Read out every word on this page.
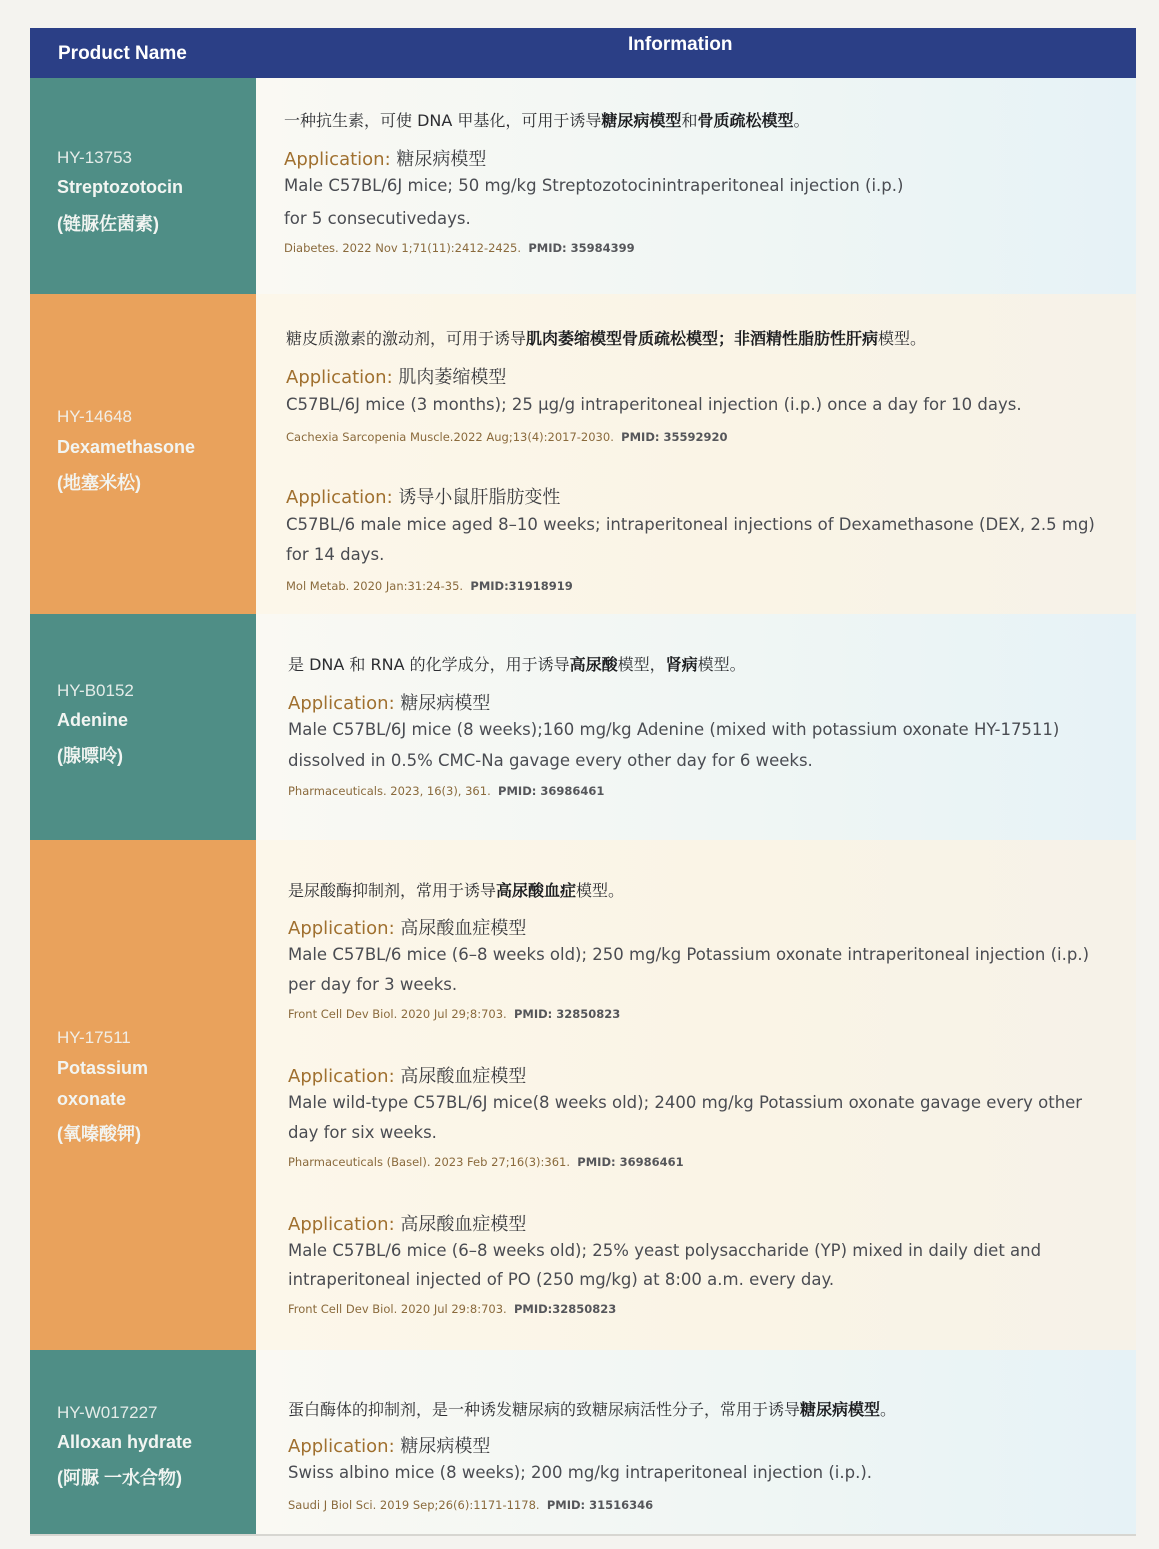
Product Name	Information
HY-13753
Streptozotocin
(链脲佐菌素)
一种抗生素，可使 DNA 甲基化，可用于诱导糖尿病模型和骨质疏松模型。
Application: 糖尿病模型
Male C57BL/6J mice; 50 mg/kg Streptozotocinintraperitoneal injection (i.p.)
for 5 consecutivedays.
Diabetes. 2022 Nov 1;71(11):2412-2425. PMID: 35984399
HY-14648
Dexamethasone
(地塞米松)
糖皮质激素的激动剂，可用于诱导肌肉萎缩模型骨质疏松模型；非酒精性脂肪性肝病模型。
Application: 肌肉萎缩模型
C57BL/6J mice (3 months); 25 μg/g intraperitoneal injection (i.p.) once a day for 10 days.
Cachexia Sarcopenia Muscle.2022 Aug;13(4):2017-2030. PMID: 35592920
Application: 诱导小鼠肝脂肪变性
C57BL/6 male mice aged 8–10 weeks; intraperitoneal injections of Dexamethasone (DEX, 2.5 mg)
for 14 days.
Mol Metab. 2020 Jan:31:24-35. PMID:31918919
HY-B0152
Adenine
(腺嘌呤)
是 DNA 和 RNA 的化学成分，用于诱导高尿酸模型，肾病模型。
Application: 糖尿病模型
Male C57BL/6J mice (8 weeks);160 mg/kg Adenine (mixed with potassium oxonate HY-17511)
dissolved in 0.5% CMC-Na gavage every other day for 6 weeks.
Pharmaceuticals. 2023, 16(3), 361. PMID: 36986461
HY-17511
Potassium
oxonate
(氧嗪酸钾)
是尿酸酶抑制剂，常用于诱导高尿酸血症模型。
Application: 高尿酸血症模型
Male C57BL/6 mice (6–8 weeks old); 250 mg/kg Potassium oxonate intraperitoneal injection (i.p.)
per day for 3 weeks.
Front Cell Dev Biol. 2020 Jul 29;8:703. PMID: 32850823
Application: 高尿酸血症模型
Male wild-type C57BL/6J mice(8 weeks old); 2400 mg/kg Potassium oxonate gavage every other
day for six weeks.
Pharmaceuticals (Basel). 2023 Feb 27;16(3):361. PMID: 36986461
Application: 高尿酸血症模型
Male C57BL/6 mice (6–8 weeks old); 25% yeast polysaccharide (YP) mixed in daily diet and
intraperitoneal injected of PO (250 mg/kg) at 8:00 a.m. every day.
Front Cell Dev Biol. 2020 Jul 29:8:703. PMID:32850823
HY-W017227
Alloxan hydrate
(阿脲 一水合物)
蛋白酶体的抑制剂，是一种诱发糖尿病的致糖尿病活性分子，常用于诱导糖尿病模型。
Application: 糖尿病模型
Swiss albino mice (8 weeks); 200 mg/kg intraperitoneal injection (i.p.).
Saudi J Biol Sci. 2019 Sep;26(6):1171-1178. PMID: 31516346
